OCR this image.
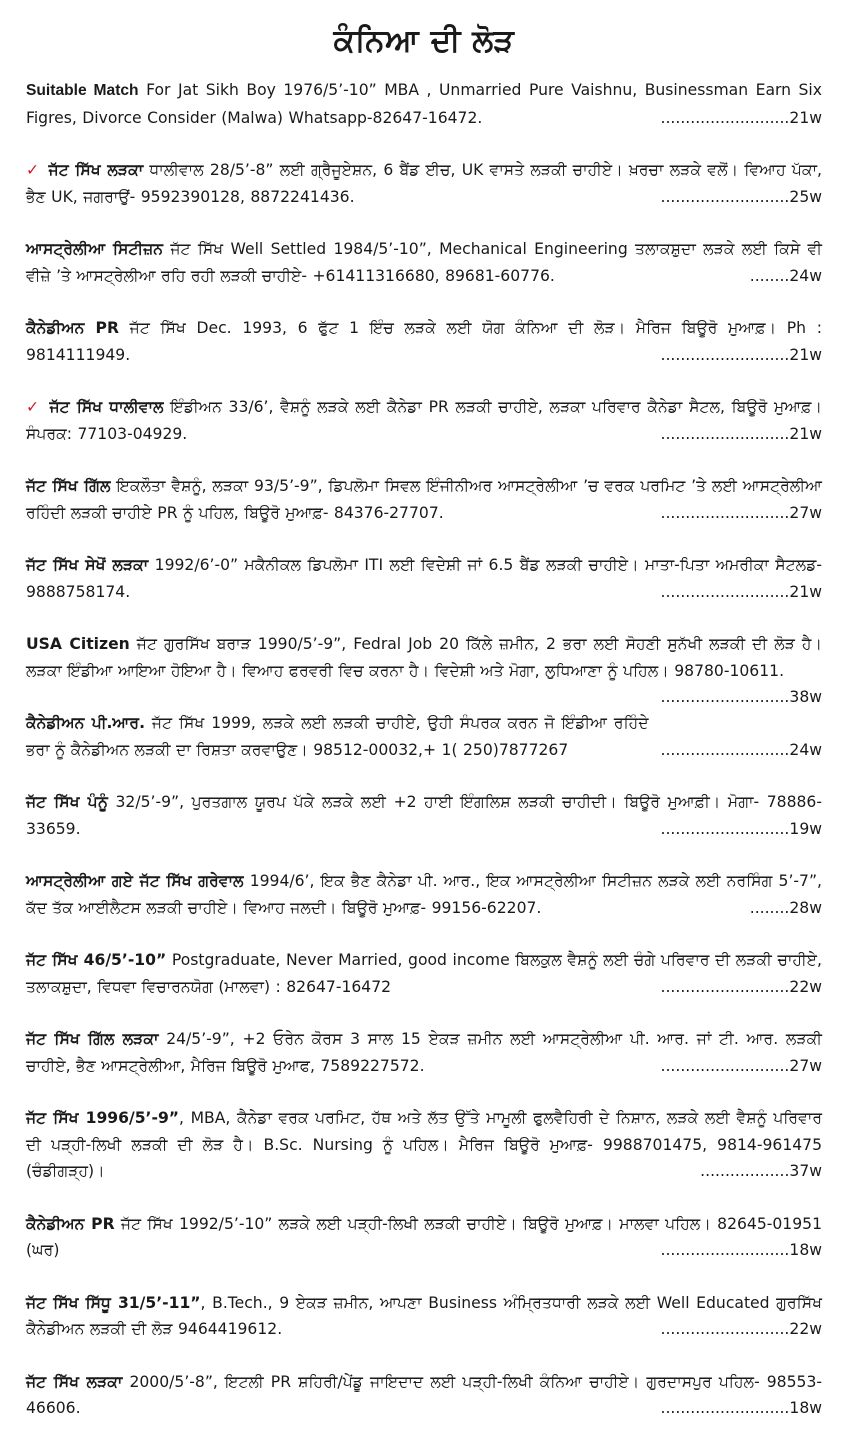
ਕੰਨਿਆ ਦੀ ਲੋੜ

Suitable Match For Jat Sikh Boy 1976/5’-10” MBA , Unmarried Pure Vaishnu, Businessman Earn Six Figres, Divorce Consider (Malwa) Whatsapp-82647-16472.	..........................21w

✓ ਜੱਟ ਸਿੱਖ ਲੜਕਾ ਧਾਲੀਵਾਲ 28/5’-8” ਲਈ ਗ੍ਰੈਜੂਏਸ਼ਨ, 6 ਬੈਂਡ ਈਚ, UK ਵਾਸਤੇ ਲੜਕੀ ਚਾਹੀਏ। ਖ਼ਰਚਾ ਲੜਕੇ ਵਲੋਂ। ਵਿਆਹ ਪੱਕਾ, ਭੈਣ UK, ਜਗਰਾਉਂ- 9592390128, 8872241436.	..........................25w

ਆਸਟ੍ਰੇਲੀਆ ਸਿਟੀਜ਼ਨ ਜੱਟ ਸਿੱਖ Well Settled 1984/5’-10”, Mechanical Engineering ਤਲਾਕਸ਼ੁਦਾ ਲੜਕੇ ਲਈ ਕਿਸੇ ਵੀ ਵੀਜ਼ੇ ’ਤੇ ਆਸਟ੍ਰੇਲੀਆ ਰਹਿ ਰਹੀ ਲੜਕੀ ਚਾਹੀਏ- +61411316680, 89681-60776.	........24w

ਕੈਨੇਡੀਅਨ PR ਜੱਟ ਸਿੱਖ Dec. 1993, 6 ਫੁੱਟ 1 ਇੰਚ ਲੜਕੇ ਲਈ ਯੋਗ ਕੰਨਿਆ ਦੀ ਲੋੜ। ਮੈਰਿਜ ਬਿਊਰੋ ਮੁਆਫ਼। Ph : 9814111949.	..........................21w

✓ ਜੱਟ ਸਿੱਖ ਧਾਲੀਵਾਲ ਇੰਡੀਅਨ 33/6’, ਵੈਸ਼ਨੂੰ ਲੜਕੇ ਲਈ ਕੈਨੇਡਾ PR ਲੜਕੀ ਚਾਹੀਏ, ਲੜਕਾ ਪਰਿਵਾਰ ਕੈਨੇਡਾ ਸੈਟਲ, ਬਿਊਰੋ ਮੁਆਫ਼। ਸੰਪਰਕ: 77103-04929.	..........................21w

ਜੱਟ ਸਿੱਖ ਗਿੱਲ ਇਕਲੌਤਾ ਵੈਸ਼ਨੂੰ, ਲੜਕਾ 93/5’-9”, ਡਿਪਲੋਮਾ ਸਿਵਲ ਇੰਜੀਨੀਅਰ ਆਸਟ੍ਰੇਲੀਆ ’ਚ ਵਰਕ ਪਰਮਿਟ ’ਤੇ ਲਈ ਆਸਟ੍ਰੇਲੀਆ ਰਹਿੰਦੀ ਲੜਕੀ ਚਾਹੀਏ PR ਨੂੰ ਪਹਿਲ, ਬਿਊਰੋ ਮੁਆਫ਼- 84376-27707.	..........................27w

ਜੱਟ ਸਿੱਖ ਸੇਖੋਂ ਲੜਕਾ 1992/6’-0” ਮਕੈਨੀਕਲ ਡਿਪਲੋਮਾ ITI ਲਈ ਵਿਦੇਸ਼ੀ ਜਾਂ 6.5 ਬੈਂਡ ਲੜਕੀ ਚਾਹੀਏ। ਮਾਤਾ-ਪਿਤਾ ਅਮਰੀਕਾ ਸੈਟਲਡ- 9888758174.	..........................21w

USA Citizen ਜੱਟ ਗੁਰਸਿੱਖ ਬਰਾੜ 1990/5’-9”, Fedral Job 20 ਕਿੱਲੇ ਜ਼ਮੀਨ, 2 ਭਰਾ ਲਈ ਸੋਹਣੀ ਸੁਨੱਖੀ ਲੜਕੀ ਦੀ ਲੋੜ ਹੈ। ਲੜਕਾ ਇੰਡੀਆ ਆਇਆ ਹੋਇਆ ਹੈ। ਵਿਆਹ ਫਰਵਰੀ ਵਿਚ ਕਰਨਾ ਹੈ। ਵਿਦੇਸ਼ੀ ਅਤੇ ਮੋਗਾ, ਲੁਧਿਆਣਾ ਨੂੰ ਪਹਿਲ। 98780-10611.
..........................38w

ਕੈਨੇਡੀਅਨ ਪੀ.ਆਰ. ਜੱਟ ਸਿੱਖ 1999, ਲੜਕੇ ਲਈ ਲੜਕੀ ਚਾਹੀਏ, ਉਹੀ ਸੰਪਰਕ ਕਰਨ ਜੋ ਇੰਡੀਆ ਰਹਿੰਦੇ ਭਰਾ ਨੂੰ ਕੈਨੇਡੀਅਨ ਲੜਕੀ ਦਾ ਰਿਸ਼ਤਾ ਕਰਵਾਉਣ। 98512-00032,+ 1( 250)7877267	..........................24w

ਜੱਟ ਸਿੱਖ ਪੰਨੂੰ 32/5’-9”, ਪੁਰਤਗਾਲ ਯੂਰਪ ਪੱਕੇ ਲੜਕੇ ਲਈ +2 ਹਾਈ ਇੰਗਲਿਸ਼ ਲੜਕੀ ਚਾਹੀਦੀ। ਬਿਊਰੋ ਮੁਆਫ਼ੀ। ਮੋਗਾ- 78886-33659.	..........................19w

ਆਸਟ੍ਰੇਲੀਆ ਗਏ ਜੱਟ ਸਿੱਖ ਗਰੇਵਾਲ 1994/6’, ਇਕ ਭੈਣ ਕੈਨੇਡਾ ਪੀ. ਆਰ., ਇਕ ਆਸਟ੍ਰੇਲੀਆ ਸਿਟੀਜ਼ਨ ਲੜਕੇ ਲਈ ਨਰਸਿੰਗ 5’-7”, ਕੱਦ ਤੱਕ ਆਈਲੈਟਸ ਲੜਕੀ ਚਾਹੀਏ। ਵਿਆਹ ਜਲਦੀ। ਬਿਊਰੋ ਮੁਆਫ਼- 99156-62207.	........28w

ਜੱਟ ਸਿੱਖ 46/5’-10” Postgraduate, Never Married, good income ਬਿਲਕੁਲ ਵੈਸ਼ਨੂੰ ਲਈ ਚੰਗੇ ਪਰਿਵਾਰ ਦੀ ਲੜਕੀ ਚਾਹੀਏ, ਤਲਾਕਸ਼ੁਦਾ, ਵਿਧਵਾ ਵਿਚਾਰਨਯੋਗ (ਮਾਲਵਾ) : 82647-16472	..........................22w

ਜੱਟ ਸਿੱਖ ਗਿੱਲ ਲੜਕਾ 24/5’-9”, +2 ਓਰੇਨ ਕੋਰਸ 3 ਸਾਲ 15 ਏਕੜ ਜ਼ਮੀਨ ਲਈ ਆਸਟ੍ਰੇਲੀਆ ਪੀ. ਆਰ. ਜਾਂ ਟੀ. ਆਰ. ਲੜਕੀ ਚਾਹੀਏ, ਭੈਣ ਆਸਟ੍ਰੇਲੀਆ, ਮੈਰਿਜ ਬਿਊਰੋ ਮੁਆਫ, 7589227572.	..........................27w

ਜੱਟ ਸਿੱਖ 1996/5’-9”, MBA, ਕੈਨੇਡਾ ਵਰਕ ਪਰਮਿਟ, ਹੱਥ ਅਤੇ ਲੱਤ ਉੱਤੇ ਮਾਮੂਲੀ ਫੁਲਵੈਹਿਰੀ ਦੇ ਨਿਸ਼ਾਨ, ਲੜਕੇ ਲਈ ਵੈਸ਼ਨੂੰ ਪਰਿਵਾਰ ਦੀ ਪੜ੍ਹੀ-ਲਿਖੀ ਲੜਕੀ ਦੀ ਲੋੜ ਹੈ। B.Sc. Nursing ਨੂੰ ਪਹਿਲ। ਮੈਰਿਜ ਬਿਊਰੋ ਮੁਆਫ਼- 9988701475, 9814-961475 (ਚੰਡੀਗੜ੍ਹ)।	..................37w

ਕੈਨੇਡੀਅਨ PR ਜੱਟ ਸਿੱਖ 1992/5’-10” ਲੜਕੇ ਲਈ ਪੜ੍ਹੀ-ਲਿਖੀ ਲੜਕੀ ਚਾਹੀਏ। ਬਿਊਰੋ ਮੁਆਫ਼। ਮਾਲਵਾ ਪਹਿਲ। 82645-01951 (ਘਰ)	..........................18w

ਜੱਟ ਸਿੱਖ ਸਿੱਧੂ 31/5’-11”, B.Tech., 9 ਏਕੜ ਜ਼ਮੀਨ, ਆਪਣਾ Business ਅੰਮ੍ਰਿਤਧਾਰੀ ਲੜਕੇ ਲਈ Well Educated ਗੁਰਸਿੱਖ ਕੈਨੇਡੀਅਨ ਲੜਕੀ ਦੀ ਲੋੜ 9464419612.	..........................22w

ਜੱਟ ਸਿੱਖ ਲੜਕਾ 2000/5’-8”, ਇਟਲੀ PR ਸ਼ਹਿਰੀ/ਪੇਂਡੂ ਜਾਇਦਾਦ ਲਈ ਪੜ੍ਹੀ-ਲਿਖੀ ਕੰਨਿਆ ਚਾਹੀਏ। ਗੁਰਦਾਸਪੁਰ ਪਹਿਲ- 98553-46606.	..........................18w
